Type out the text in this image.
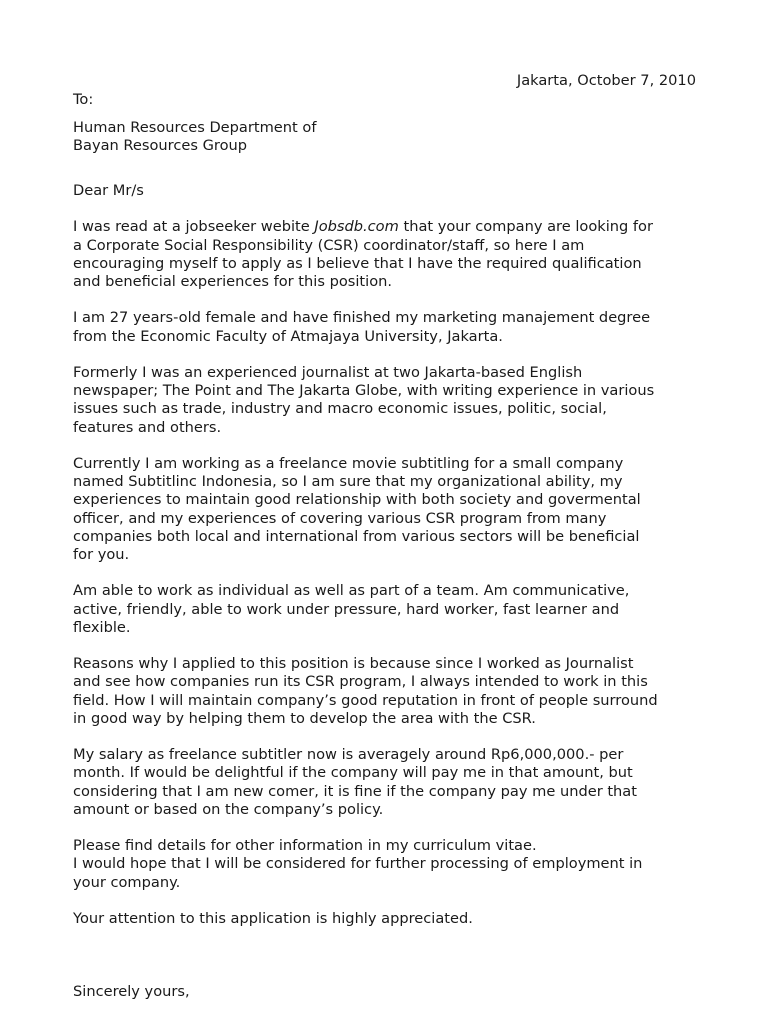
Jakarta, October 7, 2010
To:
Human Resources Department of
Bayan Resources Group
Dear Mr/s
I was read at a jobseeker webite Jobsdb.com that your company are looking for
a Corporate Social Responsibility (CSR) coordinator/staff, so here I am
encouraging myself to apply as I believe that I have the required qualification
and beneficial experiences for this position.
I am 27 years-old female and have finished my marketing manajement degree
from the Economic Faculty of Atmajaya University, Jakarta.
Formerly I was an experienced journalist at two Jakarta-based English
newspaper; The Point and The Jakarta Globe, with writing experience in various
issues such as trade, industry and macro economic issues, politic, social,
features and others.
Currently I am working as a freelance movie subtitling for a small company
named Subtitlinc Indonesia, so I am sure that my organizational ability, my
experiences to maintain good relationship with both society and govermental
officer, and my experiences of covering various CSR program from many
companies both local and international from various sectors will be beneficial
for you.
Am able to work as individual as well as part of a team. Am communicative,
active, friendly, able to work under pressure, hard worker, fast learner and
flexible.
Reasons why I applied to this position is because since I worked as Journalist
and see how companies run its CSR program, I always intended to work in this
field. How I will maintain company’s good reputation in front of people surround
in good way by helping them to develop the area with the CSR.
My salary as freelance subtitler now is averagely around Rp6,000,000.- per
month. If would be delightful if the company will pay me in that amount, but
considering that I am new comer, it is fine if the company pay me under that
amount or based on the company’s policy.
Please find details for other information in my curriculum vitae.
I would hope that I will be considered for further processing of employment in
your company.
Your attention to this application is highly appreciated.
Sincerely yours,
